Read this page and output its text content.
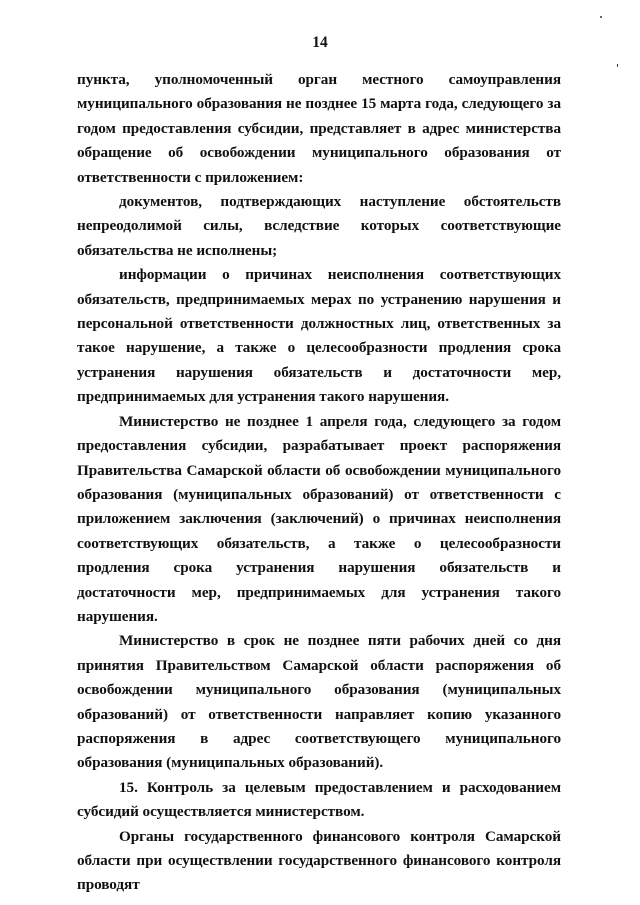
14

пункта, уполномоченный орган местного самоуправления муниципального образования не позднее 15 марта года, следующего за годом предоставления субсидии, представляет в адрес министерства обращение об освобождении муниципального образования от ответственности с приложением:

документов, подтверждающих наступление обстоятельств непреодолимой силы, вследствие которых соответствующие обязательства не исполнены;

информации о причинах неисполнения соответствующих обязательств, предпринимаемых мерах по устранению нарушения и персональной ответственности должностных лиц, ответственных за такое нарушение, а также о целесообразности продления срока устранения нарушения обязательств и достаточности мер, предпринимаемых для устранения такого нарушения.

Министерство не позднее 1 апреля года, следующего за годом предоставления субсидии, разрабатывает проект распоряжения Правительства Самарской области об освобождении муниципального образования (муниципальных образований) от ответственности с приложением заключения (заключений) о причинах неисполнения соответствующих обязательств, а также о целесообразности продления срока устранения нарушения обязательств и достаточности мер, предпринимаемых для устранения такого нарушения.

Министерство в срок не позднее пяти рабочих дней со дня принятия Правительством Самарской области распоряжения об освобождении муниципального образования (муниципальных образований) от ответственности направляет копию указанного распоряжения в адрес соответствующего муниципального образования (муниципальных образований).

15. Контроль за целевым предоставлением и расходованием субсидий осуществляется министерством.

Органы государственного финансового контроля Самарской области при осуществлении государственного финансового контроля проводят
